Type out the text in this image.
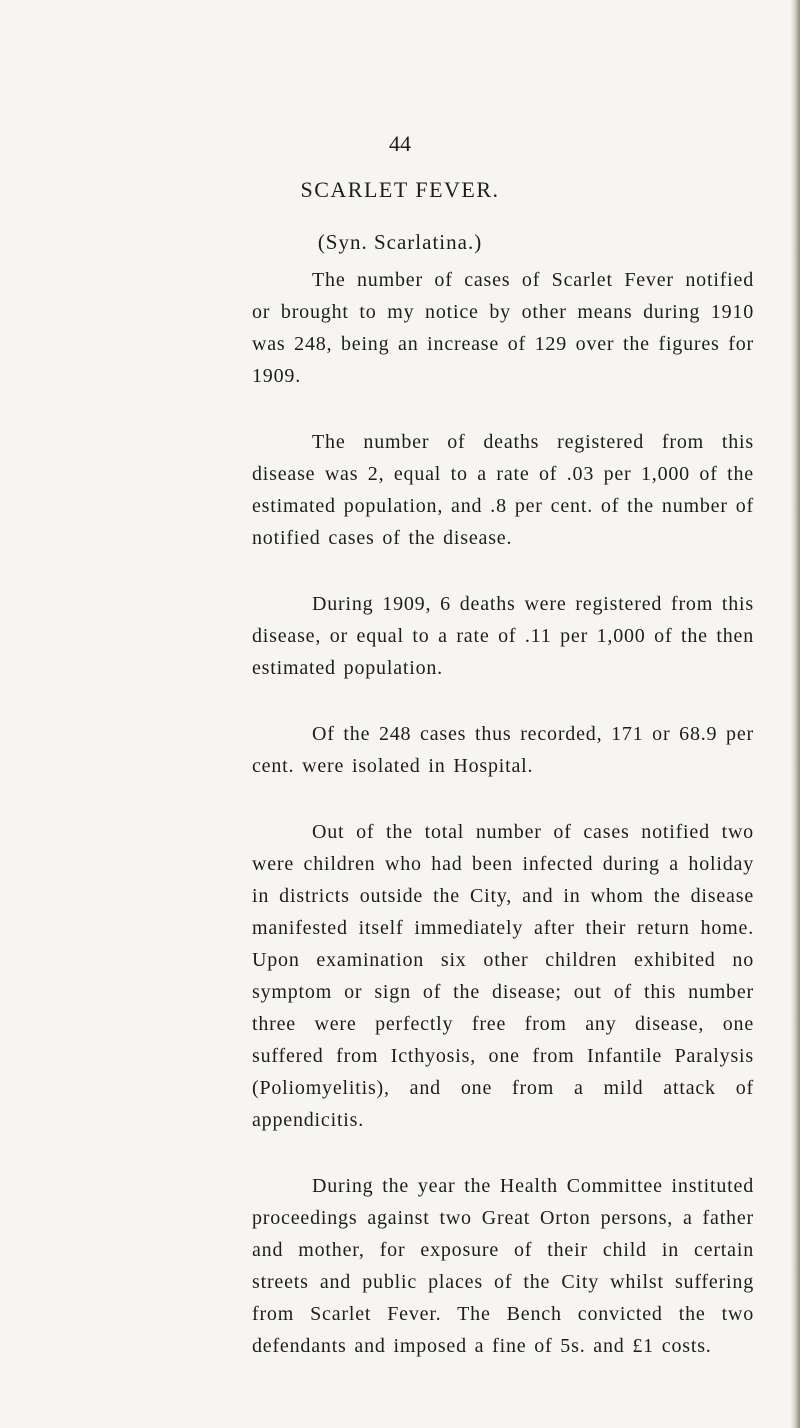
44
SCARLET FEVER.
(Syn. Scarlatina.)

The number of cases of Scarlet Fever notified or brought to my notice by other means during 1910 was 248, being an increase of 129 over the figures for 1909.

The number of deaths registered from this disease was 2, equal to a rate of .03 per 1,000 of the estimated population, and .8 per cent. of the number of notified cases of the disease.

During 1909, 6 deaths were registered from this disease, or equal to a rate of .11 per 1,000 of the then estimated population.

Of the 248 cases thus recorded, 171 or 68.9 per cent. were isolated in Hospital.

Out of the total number of cases notified two were children who had been infected during a holiday in districts outside the City, and in whom the disease manifested itself immediately after their return home. Upon examination six other children exhibited no symptom or sign of the disease; out of this number three were perfectly free from any disease, one suffered from Icthyosis, one from Infantile Paralysis (Poliomyelitis), and one from a mild attack of appendicitis.

During the year the Health Committee instituted proceedings against two Great Orton persons, a father and mother, for exposure of their child in certain streets and public places of the City whilst suffering from Scarlet Fever. The Bench convicted the two defendants and imposed a fine of 5s. and £1 costs.
